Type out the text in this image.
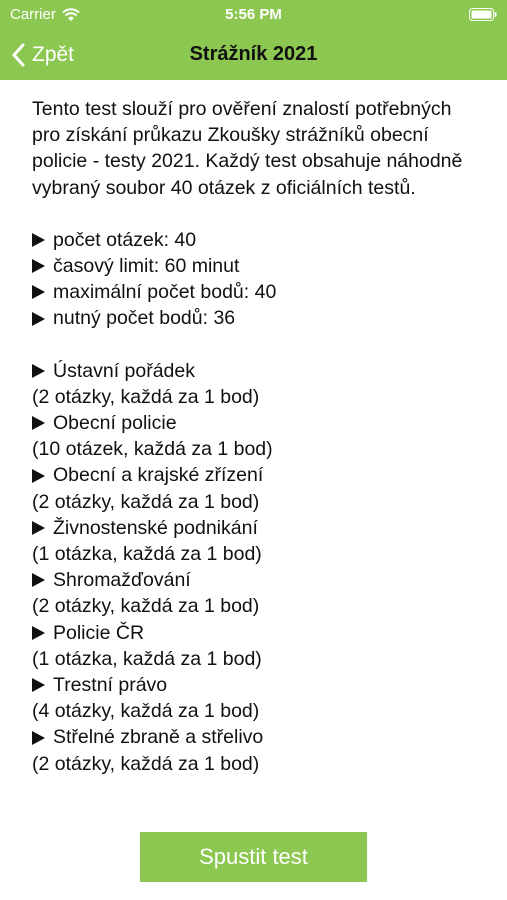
Carrier	5:56 PM
Zpět	Strážník 2021

Tento test slouží pro ověření znalostí potřebných pro získání průkazu Zkoušky strážníků obecní policie - testy 2021. Každý test obsahuje náhodně vybraný soubor 40 otázek z oficiálních testů.

počet otázek: 40
časový limit: 60 minut
maximální počet bodů: 40
nutný počet bodů: 36
Ústavní pořádek
(2 otázky, každá za 1 bod)
Obecní policie
(10 otázek, každá za 1 bod)
Obecní a krajské zřízení
(2 otázky, každá za 1 bod)
Živnostenské podnikání
(1 otázka, každá za 1 bod)
Shromažďování
(2 otázky, každá za 1 bod)
Policie ČR
(1 otázka, každá za 1 bod)
Trestní právo
(4 otázky, každá za 1 bod)
Střelné zbraně a střelivo
(2 otázky, každá za 1 bod)
Spustit test
